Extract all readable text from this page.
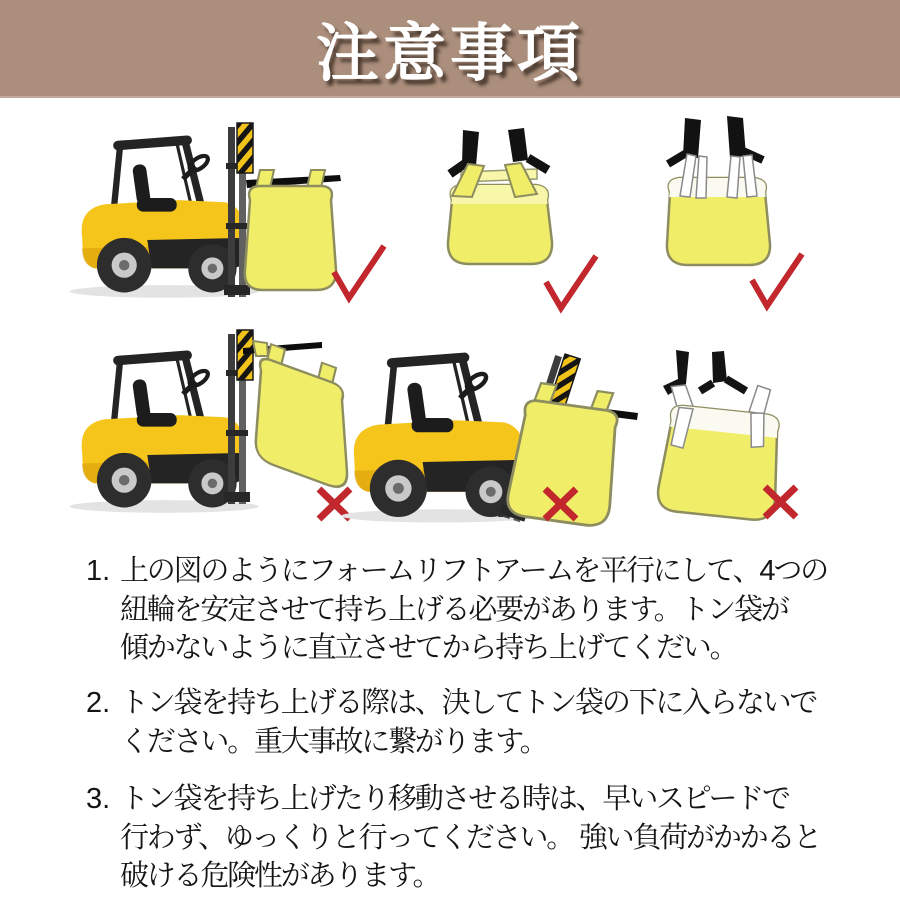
注意事項
1. 上の図のようにフォームリフトアームを平行にして、4つの
紐輪を安定させて持ち上げる必要があります。トン袋が
傾かないように直立させてから持ち上げてくだい。
2. トン袋を持ち上げる際は、決してトン袋の下に入らないで
ください。重大事故に繋がります。
3. トン袋を持ち上げたり移動させる時は、早いスピードで
行わず、ゆっくりと行ってください。 強い負荷がかかると
破ける危険性があります。
